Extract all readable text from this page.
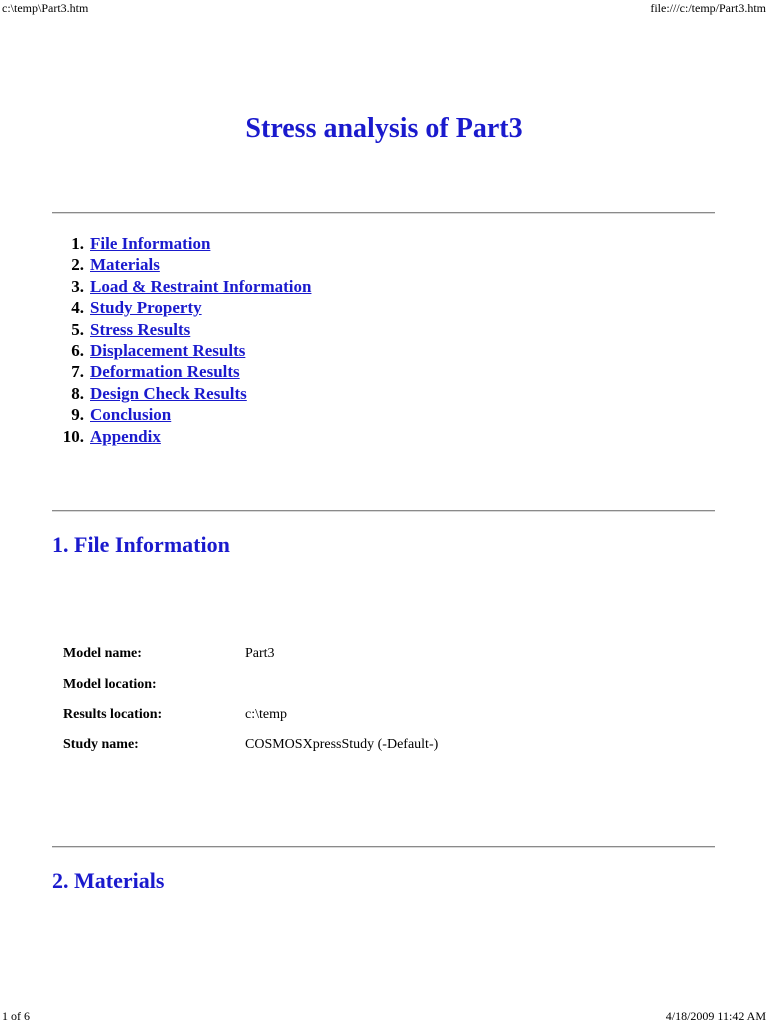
c:\temp\Part3.htm	file:///c:/temp/Part3.htm
Stress analysis of Part3
1. File Information
2. Materials
3. Load & Restraint Information
4. Study Property
5. Stress Results
6. Displacement Results
7. Deformation Results
8. Design Check Results
9. Conclusion
10. Appendix
1. File Information
Model name:	Part3
Model location:
Results location:	c:\temp
Study name:	COSMOSXpressStudy (-Default-)
2. Materials
1 of 6	4/18/2009 11:42 AM
